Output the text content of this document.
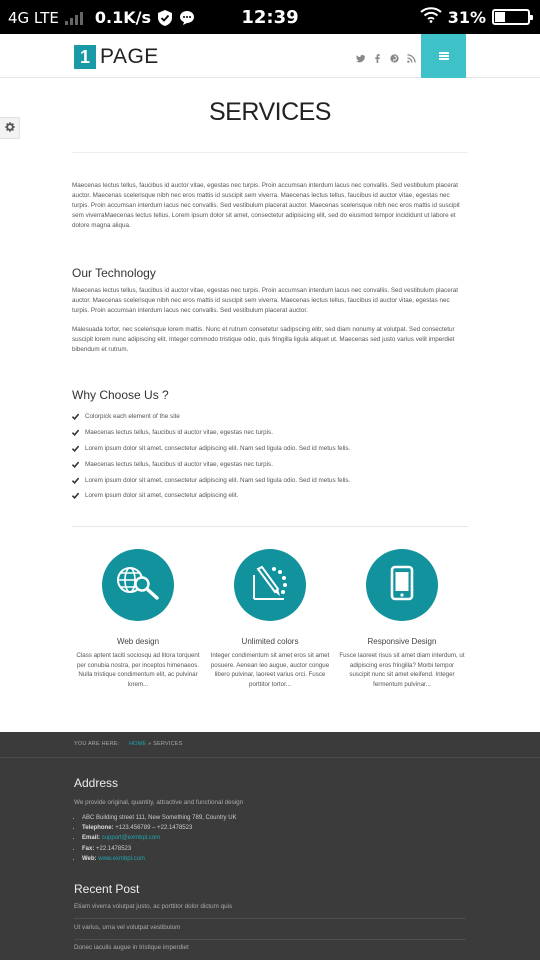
4G LTE 0.1K/s	12:39	31%
1 PAGE
SERVICES

Maecenas lectus tellus, faucibus id auctor vitae, egestas nec turpis. Proin accumsan interdum lacus nec convallis. Sed vestibulum placerat auctor. Maecenas scelerisque nibh nec eros mattis id suscipit sem viverra. Maecenas lectus tellus, faucibus id auctor vitae, egestas nec turpis. Proin accumsan interdum lacus nec convallis. Sed vestibulum placerat auctor. Maecenas scelerisque nibh nec eros mattis id suscipit sem viverraMaecenas lectus tellus. Lorem ipsum dolor sit amet, consectetur adipisicing elit, sed do eiusmod tempor incididunt ut labore et dolore magna aliqua.

Our Technology

Maecenas lectus tellus, faucibus id auctor vitae, egestas nec turpis. Proin accumsan interdum lacus nec convallis. Sed vestibulum placerat auctor. Maecenas scelerisque nibh nec eros mattis id suscipit sem viverra. Maecenas lectus tellus, faucibus id auctor vitae, egestas nec turpis. Proin accumsan interdum lacus nec convallis. Sed vestibulum placerat auctor.

Malesuada tortor, nec scelerisque lorem mattis. Nunc et rutrum consetetur sadipscing elitr, sed diam nonumy at volutpat. Sed consectetur suscipit lorem nunc adipiscing elit. Integer commodo tristique odio, quis fringilla ligula aliquet ut. Maecenas sed justo varius velit imperdiet bibendum et rutrum.

Why Choose Us ?
Colorpick each element of the site
Maecenas lectus tellus, faucibus id auctor vitae, egestas nec turpis.
Lorem ipsum dolor sit amet, consectetur adipiscing elit. Nam sed ligula odio. Sed id metus felis.
Maecenas lectus tellus, faucibus id auctor vitae, egestas nec turpis.
Lorem ipsum dolor sit amet, consectetur adipiscing elit. Nam sed ligula odio. Sed id metus felis.
Lorem ipsum dolor sit amet, consectetur adipiscing elit.
Web design

Class aptent taciti sociosqu ad litora torquent per conubia nostra, per inceptos himenaeos. Nulla tristique condimentum elit, ac pulvinar lorem...

Unlimited colors

Integer condimentum sit amet eros sit amet posuere. Aenean leo augue, auctor congue libero pulvinar, laoreet varius orci. Fusce porttitor tortor...

Responsive Design

Fusce laoreet risus sit amet diam interdum, ut adipiscing eros fringilla? Morbi tempor suscipit nunc sit amet eleifend. Integer fermentum pulvinar...

YOU ARE HERE: HOME » SERVICES
Address
We provide original, quantity, attractive and functional design
• ABC Building street 111, New Something 789, Country UK
• Telephone: +123.456789 – +22.1478523
• Email: support@exmbpl.com
• Fax: +22.1478523
• Web: www.exmbpl.com
Recent Post
Etiam viverra volutpat justo, ac porttitor dolor dictum quis
Ut varius, urna vel volutpat vestibulum
Donec iaculis augue in tristique imperdiet
